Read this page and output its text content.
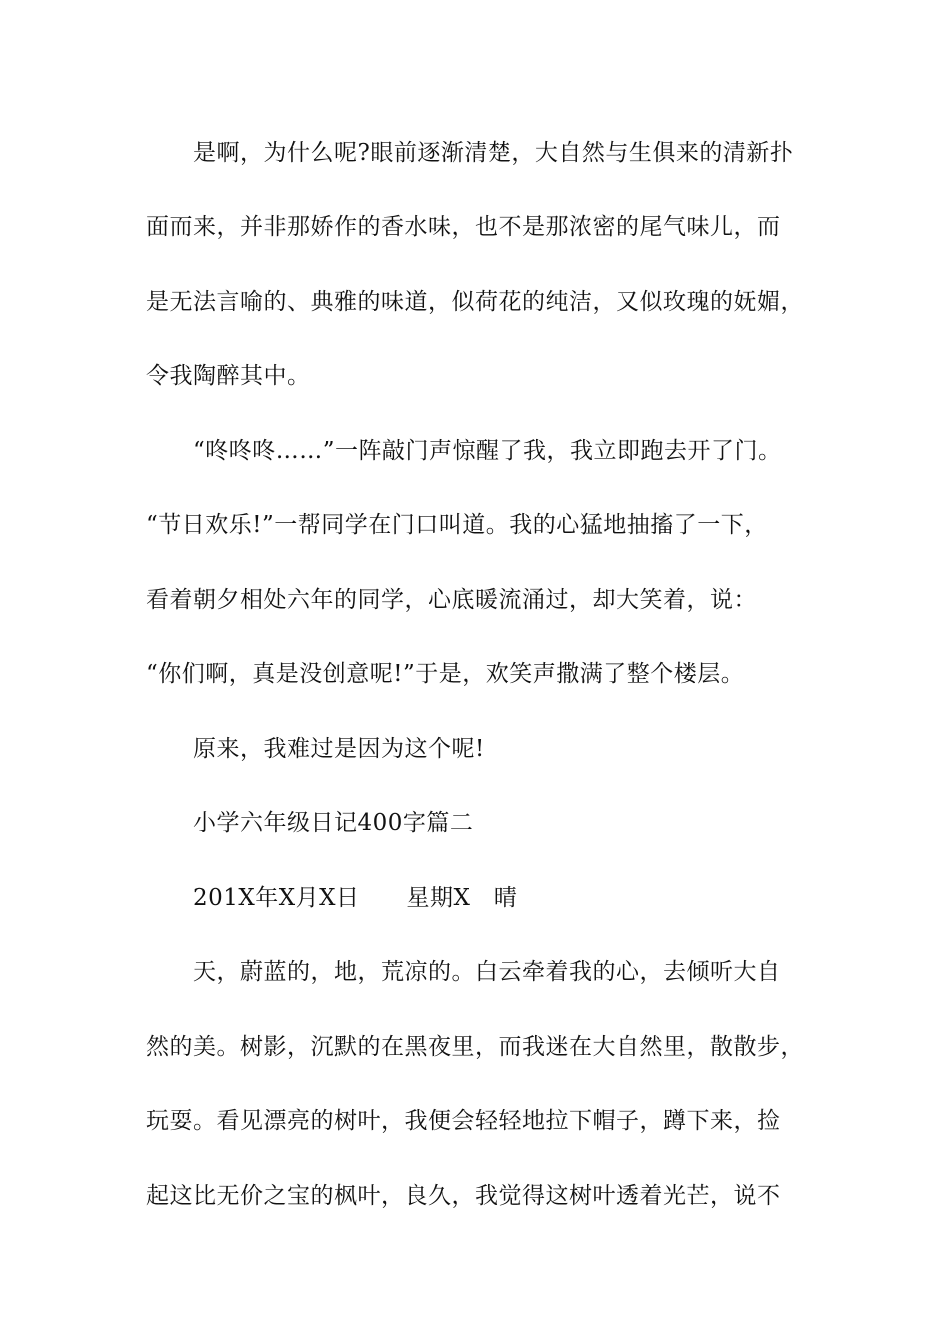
是啊，为什么呢?眼前逐渐清楚，大自然与生俱来的清新扑
面而来，并非那娇作的香水味，也不是那浓密的尾气味儿，而
是无法言喻的、典雅的味道，似荷花的纯洁，又似玫瑰的妩媚，
令我陶醉其中。
“咚咚咚……”一阵敲门声惊醒了我，我立即跑去开了门。
“节日欢乐!”一帮同学在门口叫道。我的心猛地抽搐了一下，
看着朝夕相处六年的同学，心底暖流涌过，却大笑着，说：
“你们啊，真是没创意呢!”于是，欢笑声撒满了整个楼层。
原来，我难过是因为这个呢!
小学六年级日记400字篇二
201X年X月X日　　星期X　晴
天，蔚蓝的，地，荒凉的。白云牵着我的心，去倾听大自
然的美。树影，沉默的在黑夜里，而我迷在大自然里，散散步，
玩耍。看见漂亮的树叶，我便会轻轻地拉下帽子，蹲下来，捡
起这比无价之宝的枫叶，良久，我觉得这树叶透着光芒，说不
